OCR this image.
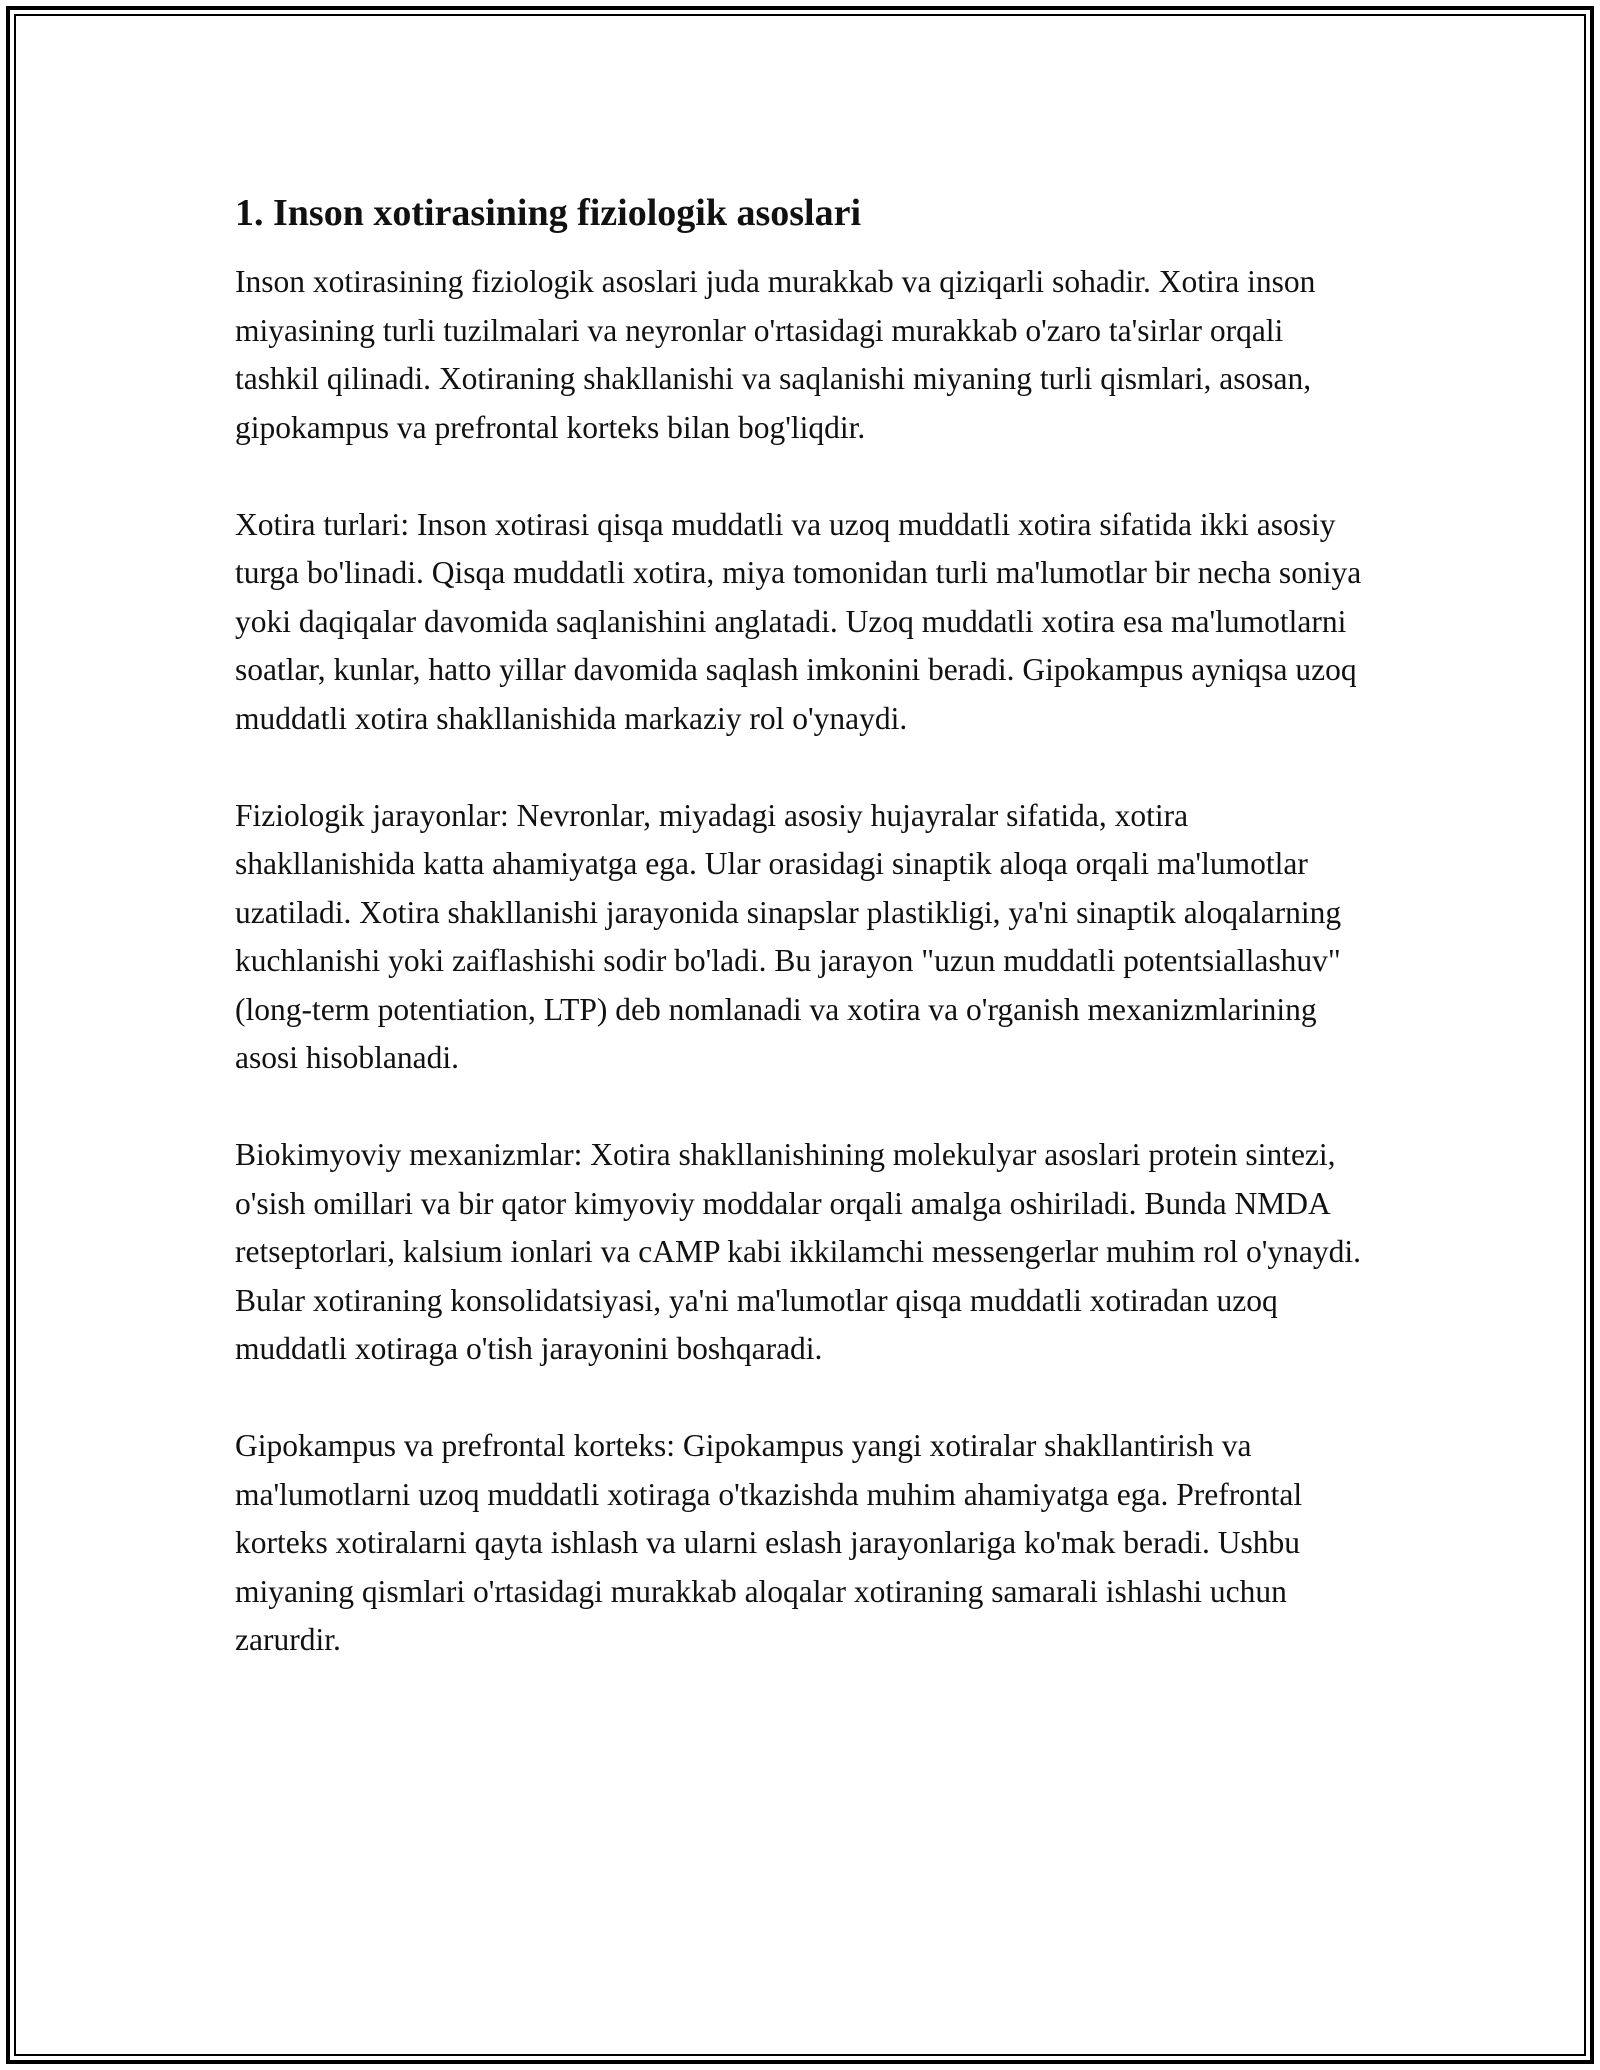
1. Inson xotirasining fiziologik asoslari

Inson xotirasining fiziologik asoslari juda murakkab va qiziqarli sohadir. Xotira inson miyasining turli tuzilmalari va neyronlar o'rtasidagi murakkab o'zaro ta'sirlar orqali tashkil qilinadi. Xotiraning shakllanishi va saqlanishi miyaning turli qismlari, asosan, gipokampus va prefrontal korteks bilan bog'liqdir.

Xotira turlari: Inson xotirasi qisqa muddatli va uzoq muddatli xotira sifatida ikki asosiy turga bo'linadi. Qisqa muddatli xotira, miya tomonidan turli ma'lumotlar bir necha soniya yoki daqiqalar davomida saqlanishini anglatadi. Uzoq muddatli xotira esa ma'lumotlarni soatlar, kunlar, hatto yillar davomida saqlash imkonini beradi. Gipokampus ayniqsa uzoq muddatli xotira shakllanishida markaziy rol o'ynaydi.

Fiziologik jarayonlar: Nevronlar, miyadagi asosiy hujayralar sifatida, xotira shakllanishida katta ahamiyatga ega. Ular orasidagi sinaptik aloqa orqali ma'lumotlar uzatiladi. Xotira shakllanishi jarayonida sinapslar plastikligi, ya'ni sinaptik aloqalarning kuchlanishi yoki zaiflashishi sodir bo'ladi. Bu jarayon "uzun muddatli potentsiallashuv" (long-term potentiation, LTP) deb nomlanadi va xotira va o'rganish mexanizmlarining asosi hisoblanadi.

Biokimyoviy mexanizmlar: Xotira shakllanishining molekulyar asoslari protein sintezi, o'sish omillari va bir qator kimyoviy moddalar orqali amalga oshiriladi. Bunda NMDA retseptorlari, kalsium ionlari va cAMP kabi ikkilamchi messengerlar muhim rol o'ynaydi. Bular xotiraning konsolidatsiyasi, ya'ni ma'lumotlar qisqa muddatli xotiradan uzoq muddatli xotiraga o'tish jarayonini boshqaradi.

Gipokampus va prefrontal korteks: Gipokampus yangi xotiralar shakllantirish va ma'lumotlarni uzoq muddatli xotiraga o'tkazishda muhim ahamiyatga ega. Prefrontal korteks xotiralarni qayta ishlash va ularni eslash jarayonlariga ko'mak beradi. Ushbu miyaning qismlari o'rtasidagi murakkab aloqalar xotiraning samarali ishlashi uchun zarurdir.
